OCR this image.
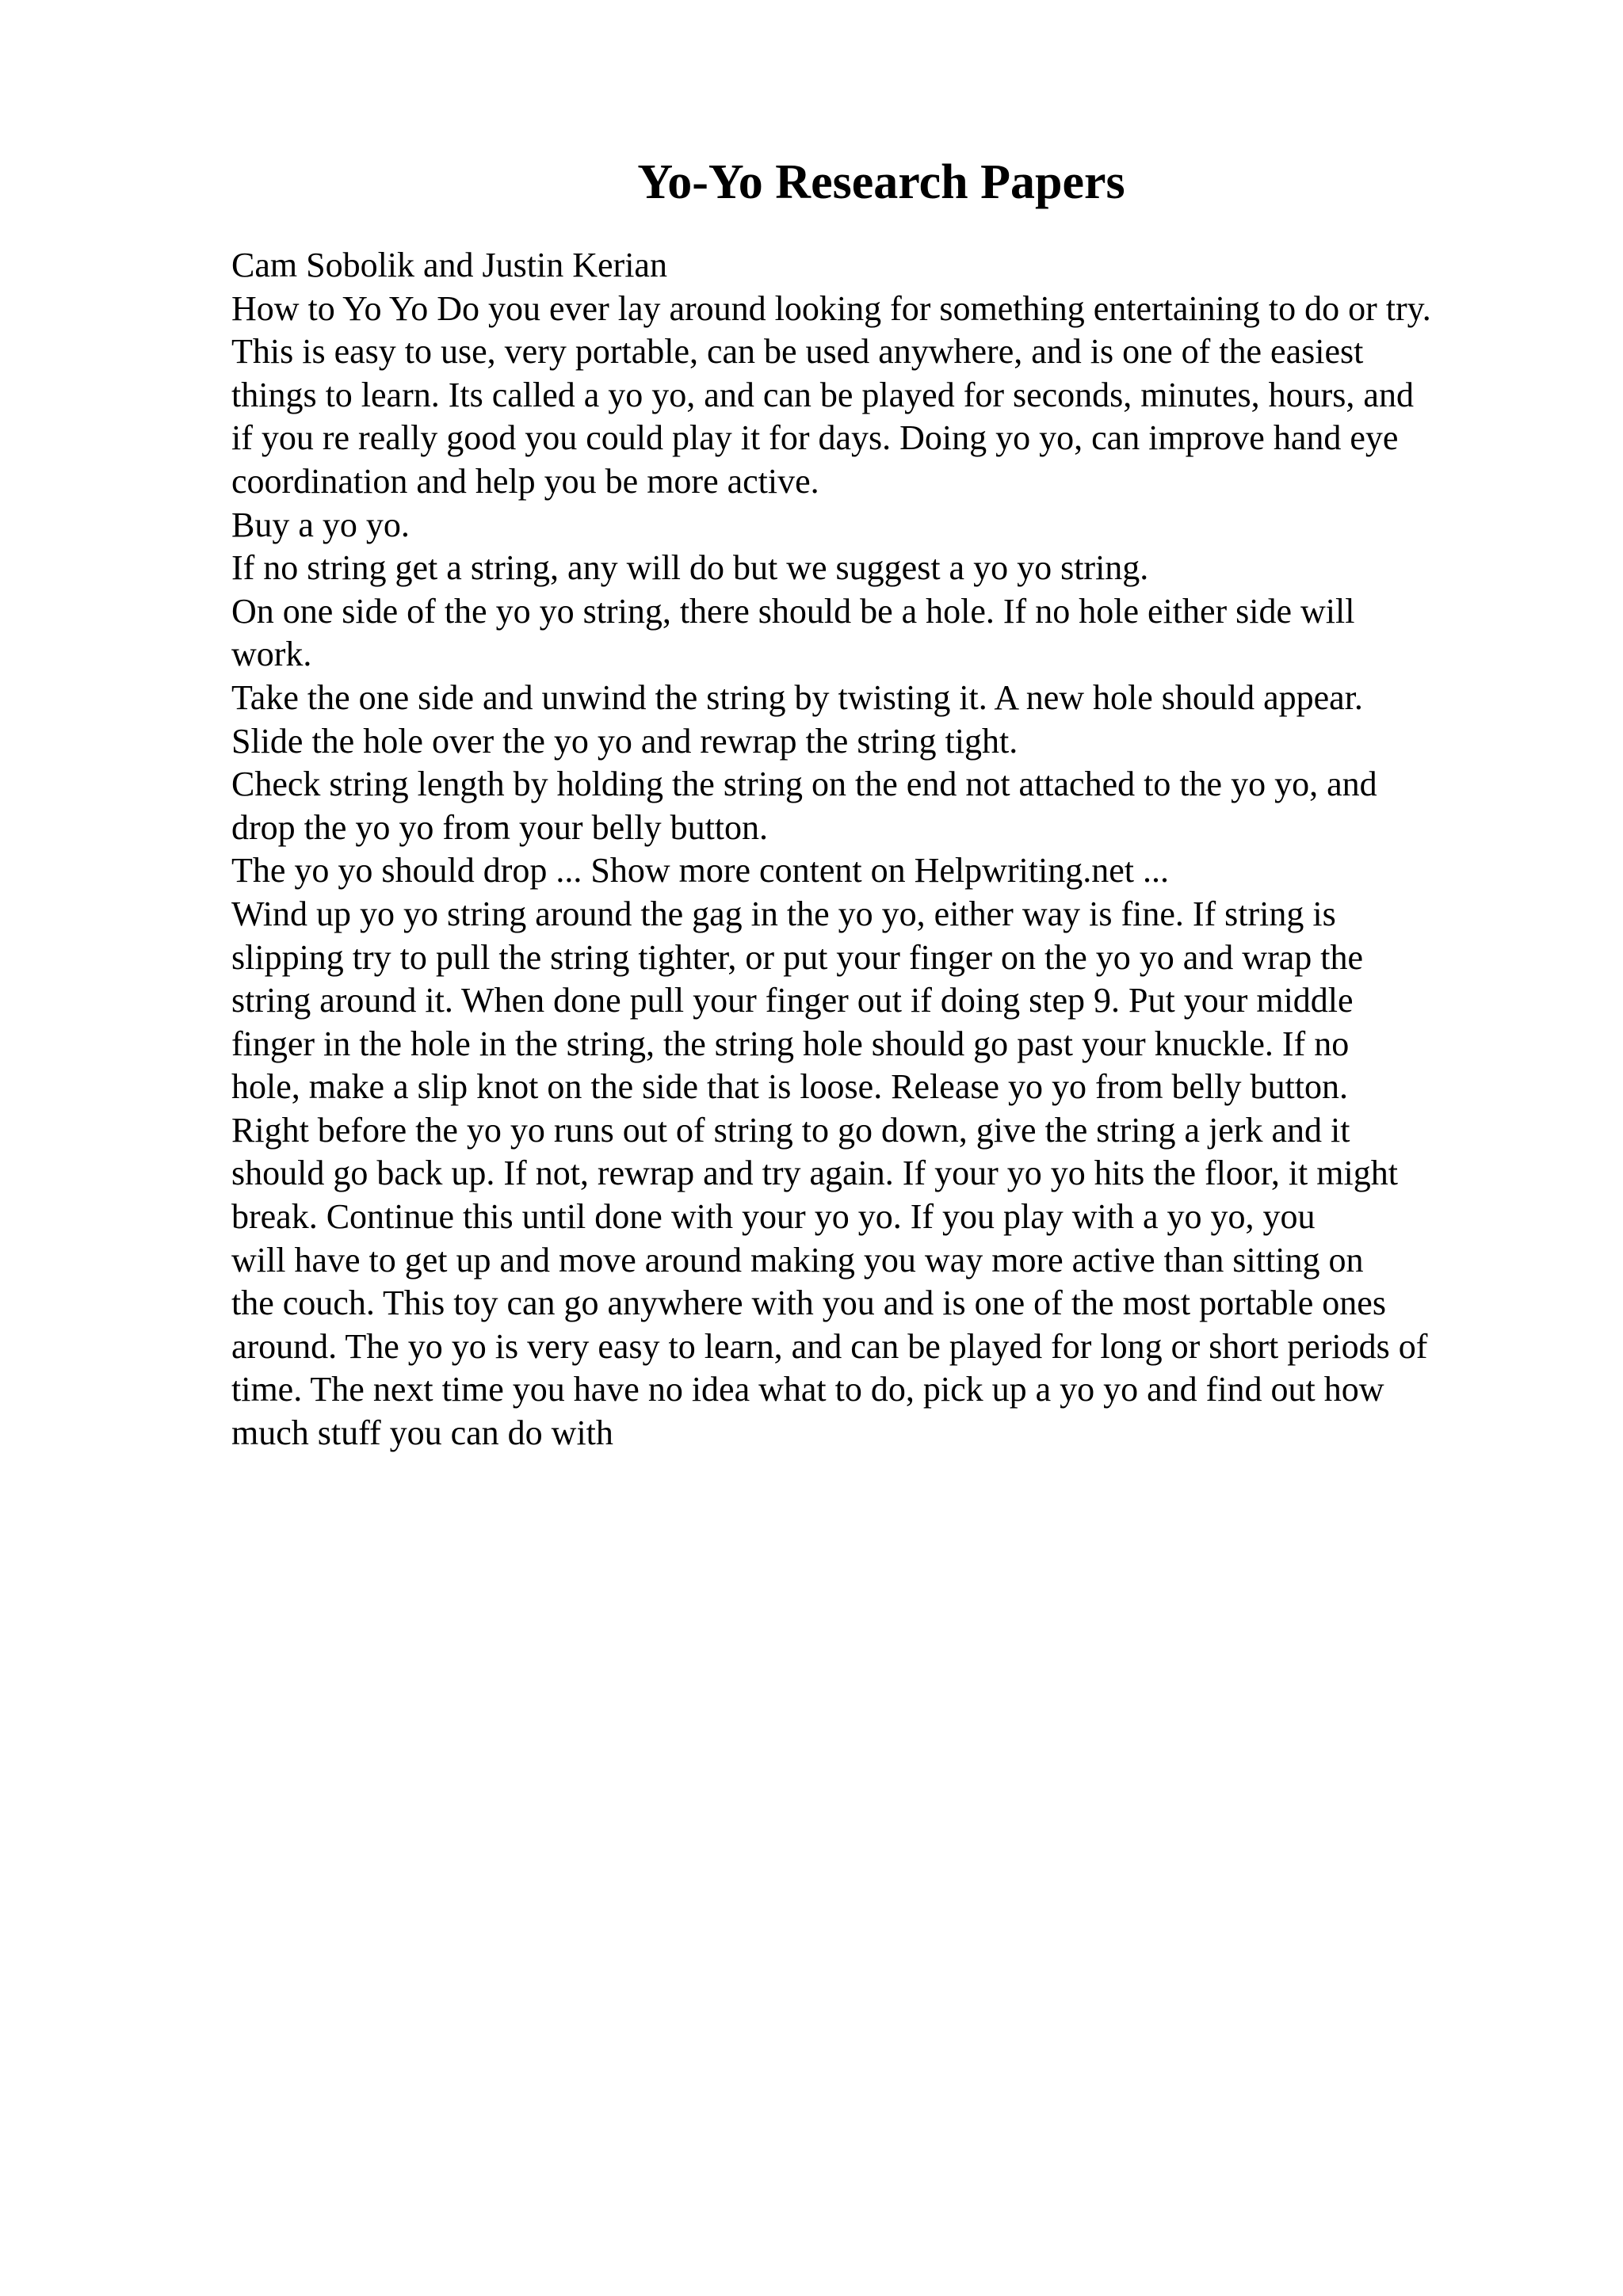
Yo-Yo Research Papers
Cam Sobolik and Justin Kerian
How to Yo Yo Do you ever lay around looking for something entertaining to do or try.
This is easy to use, very portable, can be used anywhere, and is one of the easiest
things to learn. Its called a yo yo, and can be played for seconds, minutes, hours, and
if you re really good you could play it for days. Doing yo yo, can improve hand eye
coordination and help you be more active.
Buy a yo yo.
If no string get a string, any will do but we suggest a yo yo string.
On one side of the yo yo string, there should be a hole. If no hole either side will
work.
Take the one side and unwind the string by twisting it. A new hole should appear.
Slide the hole over the yo yo and rewrap the string tight.
Check string length by holding the string on the end not attached to the yo yo, and
drop the yo yo from your belly button.
The yo yo should drop ... Show more content on Helpwriting.net ...
Wind up yo yo string around the gag in the yo yo, either way is fine. If string is
slipping try to pull the string tighter, or put your finger on the yo yo and wrap the
string around it. When done pull your finger out if doing step 9. Put your middle
finger in the hole in the string, the string hole should go past your knuckle. If no
hole, make a slip knot on the side that is loose. Release yo yo from belly button.
Right before the yo yo runs out of string to go down, give the string a jerk and it
should go back up. If not, rewrap and try again. If your yo yo hits the floor, it might
break. Continue this until done with your yo yo. If you play with a yo yo, you
will have to get up and move around making you way more active than sitting on
the couch. This toy can go anywhere with you and is one of the most portable ones
around. The yo yo is very easy to learn, and can be played for long or short periods of
time. The next time you have no idea what to do, pick up a yo yo and find out how
much stuff you can do with
